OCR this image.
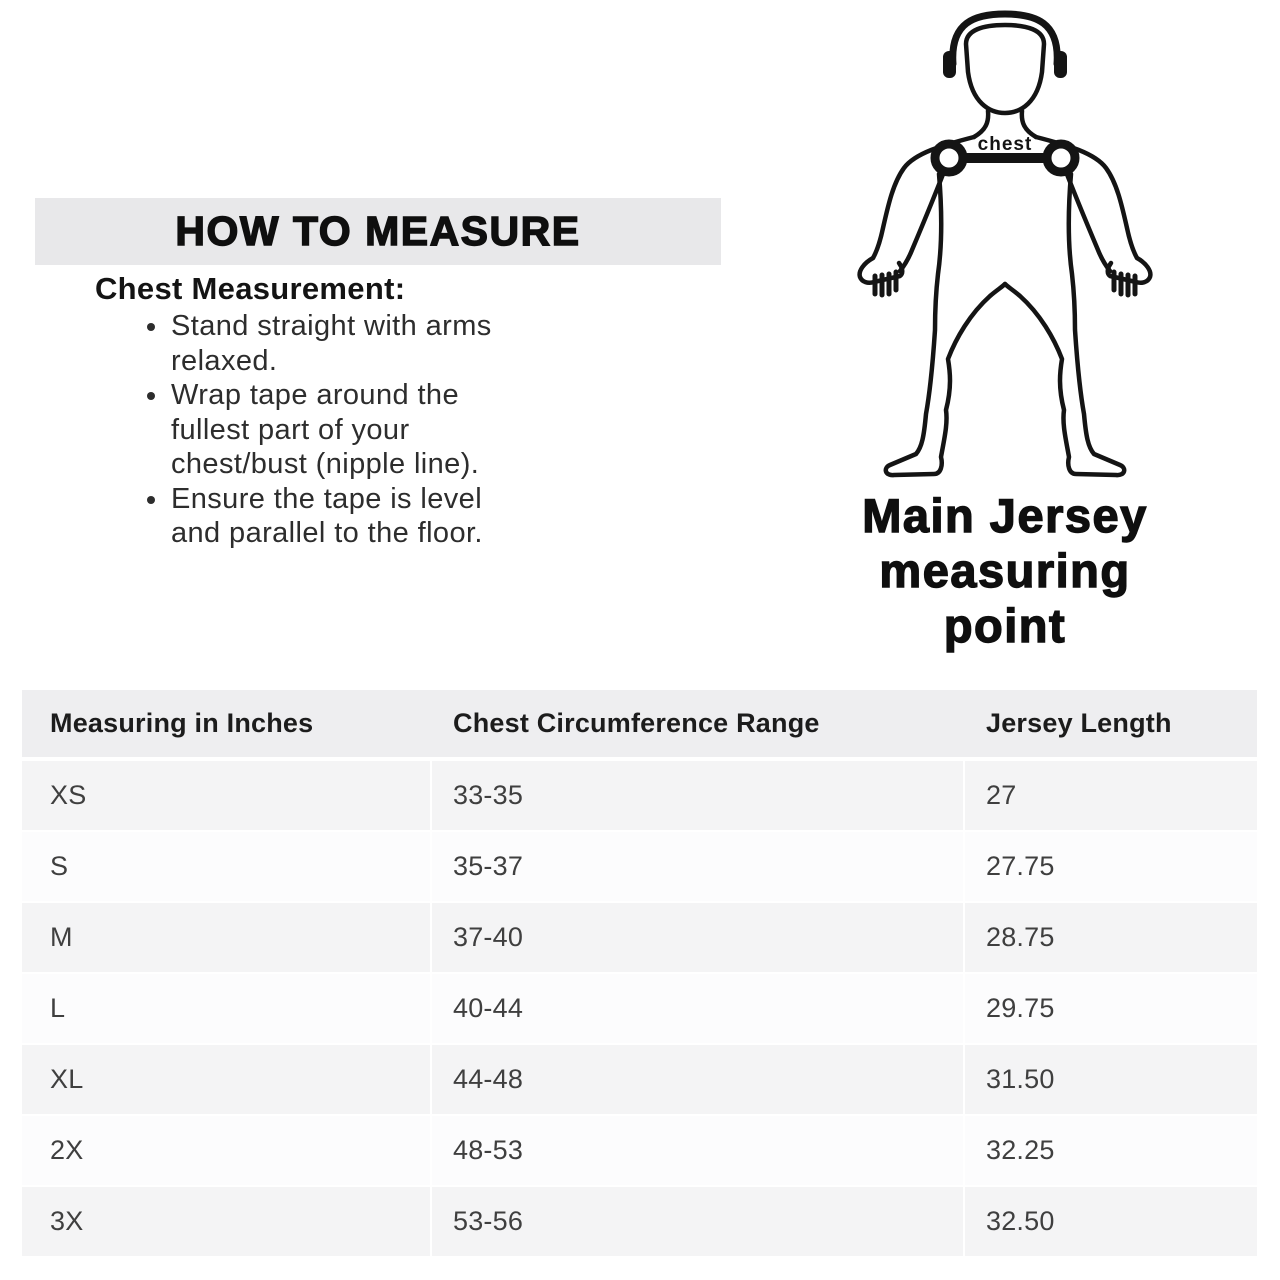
HOW TO MEASURE
Chest Measurement:
Stand straight with arms
relaxed.
Wrap tape around the
fullest part of your
chest/bust (nipple line).
Ensure the tape is level
and parallel to the floor.
chest
Main Jersey
measuring
point
Measuring in Inches	Chest Circumference Range	Jersey Length
XS	33-35	27
S	35-37	27.75
M	37-40	28.75
L	40-44	29.75
XL	44-48	31.50
2X	48-53	32.25
3X	53-56	32.50
